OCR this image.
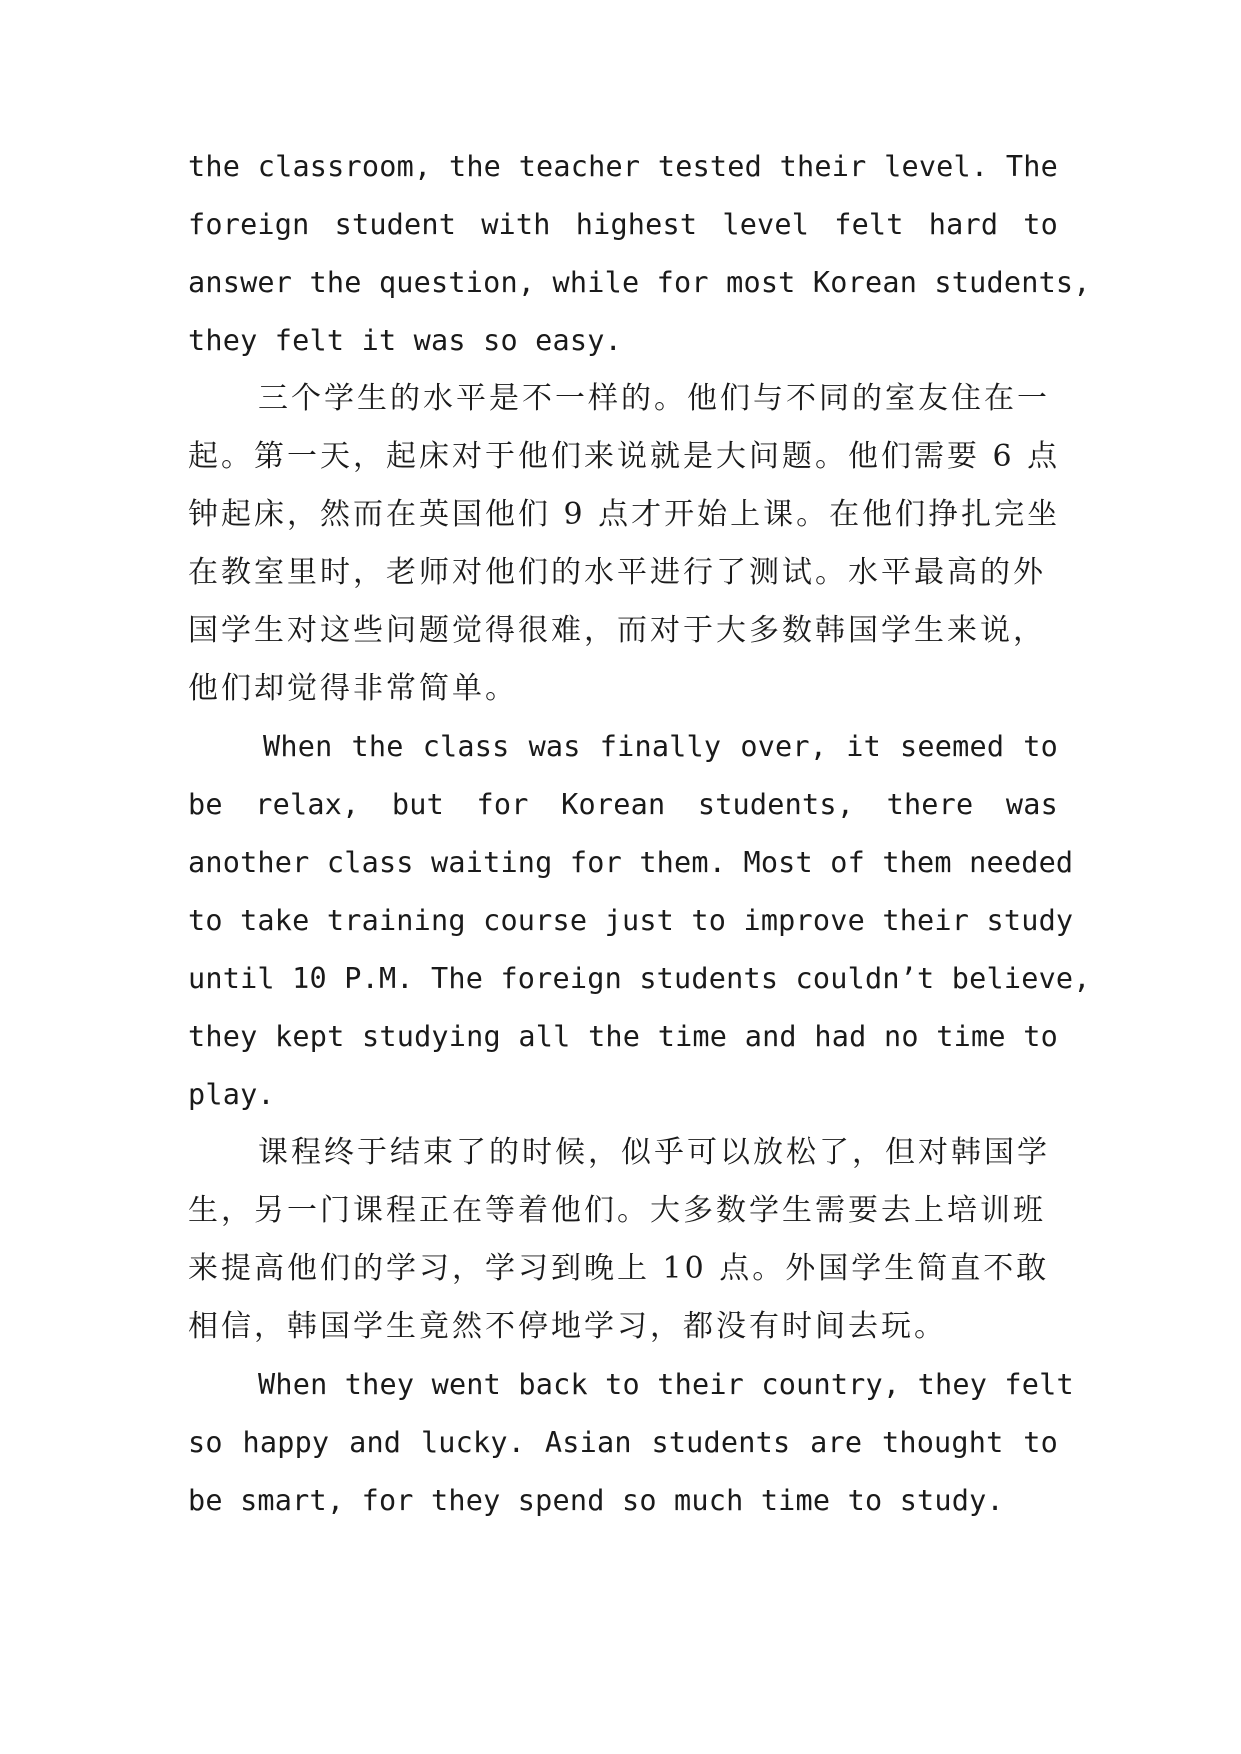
the classroom, the teacher tested their level. The
foreign student with highest level felt hard to
answer the question, while for most Korean students,
they felt it was so easy.
三个学生的水平是不一样的。他们与不同的室友住在一
起。第一天，起床对于他们来说就是大问题。他们需要 6 点
钟起床，然而在英国他们 9 点才开始上课。在他们挣扎完坐
在教室里时，老师对他们的水平进行了测试。水平最高的外
国学生对这些问题觉得很难，而对于大多数韩国学生来说，
他们却觉得非常简单。
When the class was finally over, it seemed to
be relax, but for Korean students, there was
another class waiting for them. Most of them needed
to take training course just to improve their study
until 10 P.M. The foreign students couldn’t believe,
they kept studying all the time and had no time to
play.
课程终于结束了的时候，似乎可以放松了，但对韩国学
生，另一门课程正在等着他们。大多数学生需要去上培训班
来提高他们的学习，学习到晚上 10 点。外国学生简直不敢
相信，韩国学生竟然不停地学习，都没有时间去玩。
When they went back to their country, they felt
so happy and lucky. Asian students are thought to
be smart, for they spend so much time to study.
